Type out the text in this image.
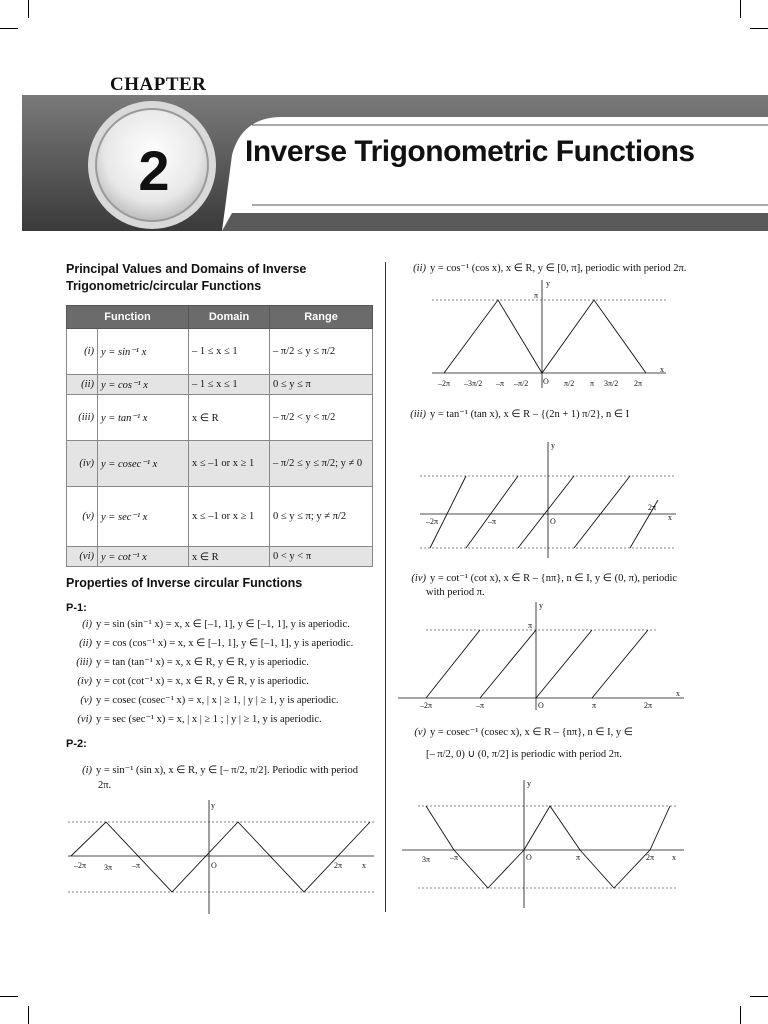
CHAPTER
2	Inverse Trigonometric Functions
Principal Values and Domains of Inverse
Trigonometric/circular Functions
Function		Domain	Range
(i)	y = sin⁻¹ x	– 1 ≤ x ≤ 1	– π/2 ≤ y ≤ π/2
(ii)	y = cos⁻¹ x	– 1 ≤ x ≤ 1	0 ≤ y ≤ π
(iii)	y = tan⁻¹ x	x ∈ R	– π/2 < y < π/2
(iv)	y = cosec⁻¹ x	x ≤ –1 or x ≥ 1	– π/2 ≤ y ≤ π/2; y ≠ 0
(v)	y = sec⁻¹ x	x ≤ –1 or x ≥ 1	0 ≤ y ≤ π; y ≠ π/2
(vi)	y = cot⁻¹ x	x ∈ R	0 < y < π
Properties of Inverse circular Functions
P-1:
(i) y = sin (sin⁻¹ x) = x, x ∈ [–1, 1], y ∈ [–1, 1], y is aperiodic.
(ii) y = cos (cos⁻¹ x) = x, x ∈ [–1, 1], y ∈ [–1, 1], y is aperiodic.
(iii) y = tan (tan⁻¹ x) = x, x ∈ R, y ∈ R, y is aperiodic.
(iv) y = cot (cot⁻¹ x) = x, x ∈ R, y ∈ R, y is aperiodic.
(v) y = cosec (cosec⁻¹ x) = x, | x | ≥ 1, | y | ≥ 1, y is aperiodic.
(vi) y = sec (sec⁻¹ x) = x, | x | ≥ 1 ; | y | ≥ 1, y is aperiodic.
P-2:
(i) y = sin⁻¹ (sin x), x ∈ R, y ∈ [– π/2, π/2]. Periodic with period
2π.
–2π 3π –π	O	2π x
y
(ii) y = cos⁻¹ (cos x), x ∈ R, y ∈ [0, π], periodic with period 2π.
–2π –3π/2 –π –π/2 O π/2 π 3π/2 2π
x
π
y
(iii) y = tan⁻¹ (tan x), x ∈ R – {(2n + 1) π/2}, n ∈ I
–2π	–π	O
2π
x
y
(iv) y = cot⁻¹ (cot x), x ∈ R – {nπ}, n ∈ I, y ∈ (0, π), periodic
with period π.
–2π	–π	O	π	2π
x
π
y
(v) y = cosec⁻¹ (cosec x), x ∈ R – {nπ}, n ∈ I, y ∈
[– π/2, 0) ∪ (0, π/2] is periodic with period 2π.
3π –π	O	π	2π x
y
